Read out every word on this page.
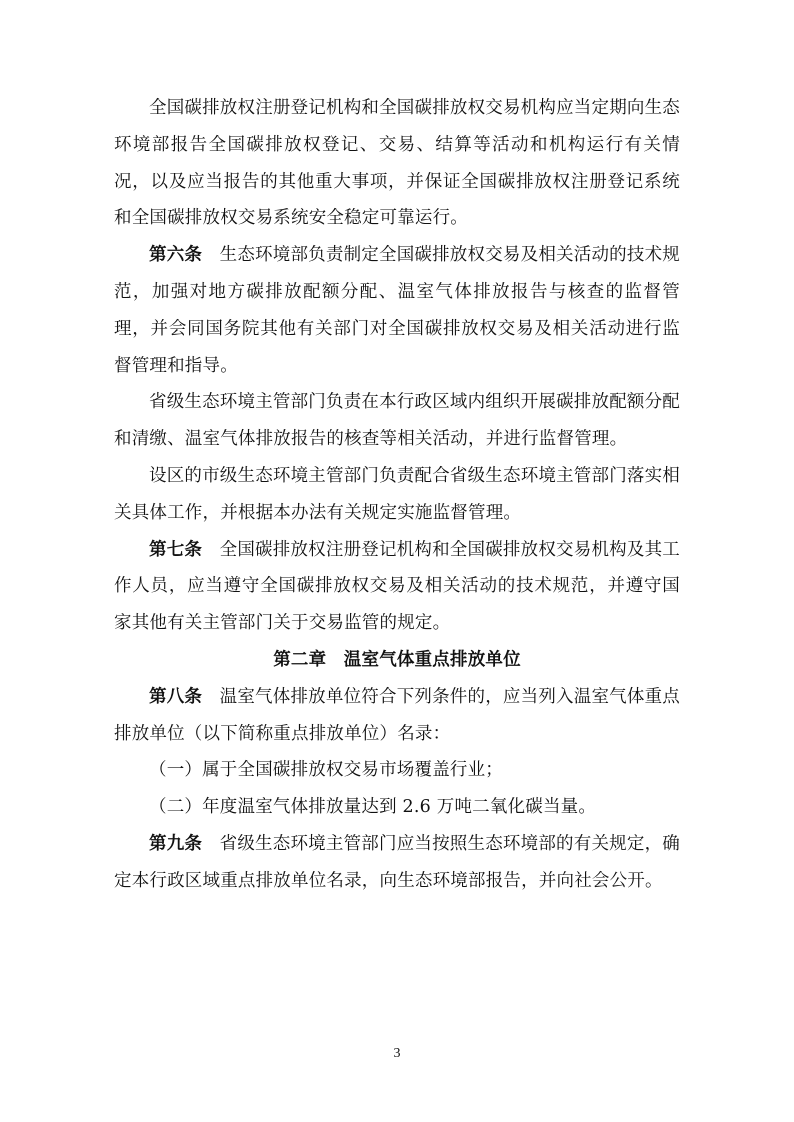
全国碳排放权注册登记机构和全国碳排放权交易机构应当定期向生态环境部报告全国碳排放权登记、交易、结算等活动和机构运行有关情况，以及应当报告的其他重大事项，并保证全国碳排放权注册登记系统和全国碳排放权交易系统安全稳定可靠运行。

第六条 生态环境部负责制定全国碳排放权交易及相关活动的技术规范，加强对地方碳排放配额分配、温室气体排放报告与核查的监督管理，并会同国务院其他有关部门对全国碳排放权交易及相关活动进行监督管理和指导。

省级生态环境主管部门负责在本行政区域内组织开展碳排放配额分配和清缴、温室气体排放报告的核查等相关活动，并进行监督管理。

设区的市级生态环境主管部门负责配合省级生态环境主管部门落实相关具体工作，并根据本办法有关规定实施监督管理。

第七条 全国碳排放权注册登记机构和全国碳排放权交易机构及其工作人员，应当遵守全国碳排放权交易及相关活动的技术规范，并遵守国家其他有关主管部门关于交易监管的规定。

第二章 温室气体重点排放单位

第八条 温室气体排放单位符合下列条件的，应当列入温室气体重点排放单位（以下简称重点排放单位）名录：

（一）属于全国碳排放权交易市场覆盖行业；

（二）年度温室气体排放量达到 2.6 万吨二氧化碳当量。

第九条 省级生态环境主管部门应当按照生态环境部的有关规定，确定本行政区域重点排放单位名录，向生态环境部报告，并向社会公开。

3
